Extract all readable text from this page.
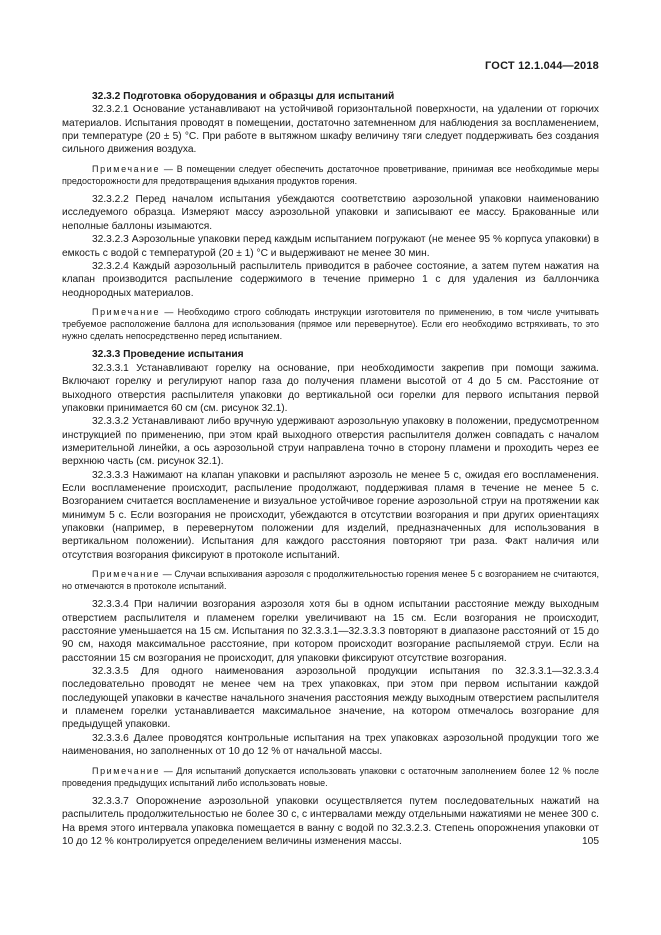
ГОСТ 12.1.044—2018
32.3.2 Подготовка оборудования и образцы для испытаний

32.3.2.1 Основание устанавливают на устойчивой горизонтальной поверхности, на удалении от горючих материалов. Испытания проводят в помещении, достаточно затемненном для наблюдения за воспламенением, при температуре (20 ± 5) °С. При работе в вытяжном шкафу величину тяги следует поддерживать без создания сильного движения воздуха.

Примечание — В помещении следует обеспечить достаточное проветривание, принимая все необходимые меры предосторожности для предотвращения вдыхания продуктов горения.

32.3.2.2 Перед началом испытания убеждаются соответствию аэрозольной упаковки наименованию исследуемого образца. Измеряют массу аэрозольной упаковки и записывают ее массу. Бракованные или неполные баллоны изымаются.

32.3.2.3 Аэрозольные упаковки перед каждым испытанием погружают (не менее 95 % корпуса упаковки) в емкость с водой с температурой (20 ± 1) °С и выдерживают не менее 30 мин.

32.3.2.4 Каждый аэрозольный распылитель приводится в рабочее состояние, а затем путем нажатия на клапан производится распыление содержимого в течение примерно 1 с для удаления из баллончика неоднородных материалов.

Примечание — Необходимо строго соблюдать инструкции изготовителя по применению, в том числе учитывать требуемое расположение баллона для использования (прямое или перевернутое). Если его необходимо встряхивать, то это нужно сделать непосредственно перед испытанием.
32.3.3 Проведение испытания

32.3.3.1 Устанавливают горелку на основание, при необходимости закрепив при помощи зажима. Включают горелку и регулируют напор газа до получения пламени высотой от 4 до 5 см. Расстояние от выходного отверстия распылителя упаковки до вертикальной оси горелки для первого испытания первой упаковки принимается 60 см (см. рисунок 32.1).

32.3.3.2 Устанавливают либо вручную удерживают аэрозольную упаковку в положении, предусмотренном инструкцией по применению, при этом край выходного отверстия распылителя должен совпадать с началом измерительной линейки, а ось аэрозольной струи направлена точно в сторону пламени и проходить через ее верхнюю часть (см. рисунок 32.1).

32.3.3.3 Нажимают на клапан упаковки и распыляют аэрозоль не менее 5 с, ожидая его воспламенения. Если воспламенение происходит, распыление продолжают, поддерживая пламя в течение не менее 5 с. Возгоранием считается воспламенение и визуальное устойчивое горение аэрозольной струи на протяжении как минимум 5 с. Если возгорания не происходит, убеждаются в отсутствии возгорания и при других ориентациях упаковки (например, в перевернутом положении для изделий, предназначенных для использования в вертикальном положении). Испытания для каждого расстояния повторяют три раза. Факт наличия или отсутствия возгорания фиксируют в протоколе испытаний.

Примечание — Случаи вспыхивания аэрозоля с продолжительностью горения менее 5 с возгоранием не считаются, но отмечаются в протоколе испытаний.

32.3.3.4 При наличии возгорания аэрозоля хотя бы в одном испытании расстояние между выходным отверстием распылителя и пламенем горелки увеличивают на 15 см. Если возгорания не происходит, расстояние уменьшается на 15 см. Испытания по 32.3.3.1—32.3.3.3 повторяют в диапазоне расстояний от 15 до 90 см, находя максимальное расстояние, при котором происходит возгорание распыляемой струи. Если на расстоянии 15 см возгорания не происходит, для упаковки фиксируют отсутствие возгорания.

32.3.3.5 Для одного наименования аэрозольной продукции испытания по 32.3.3.1—32.3.3.4 последовательно проводят не менее чем на трех упаковках, при этом при первом испытании каждой последующей упаковки в качестве начального значения расстояния между выходным отверстием распылителя и пламенем горелки устанавливается максимальное значение, на котором отмечалось возгорание для предыдущей упаковки.

32.3.3.6 Далее проводятся контрольные испытания на трех упаковках аэрозольной продукции того же наименования, но заполненных от 10 до 12 % от начальной массы.

Примечание — Для испытаний допускается использовать упаковки с остаточным заполнением более 12 % после проведения предыдущих испытаний либо использовать новые.

32.3.3.7 Опорожнение аэрозольной упаковки осуществляется путем последовательных нажатий на распылитель продолжительностью не более 30 с, с интервалами между отдельными нажатиями не менее 300 с. На время этого интервала упаковка помещается в ванну с водой по 32.3.2.3. Степень опорожнения упаковки от 10 до 12 % контролируется определением величины изменения массы.	105
